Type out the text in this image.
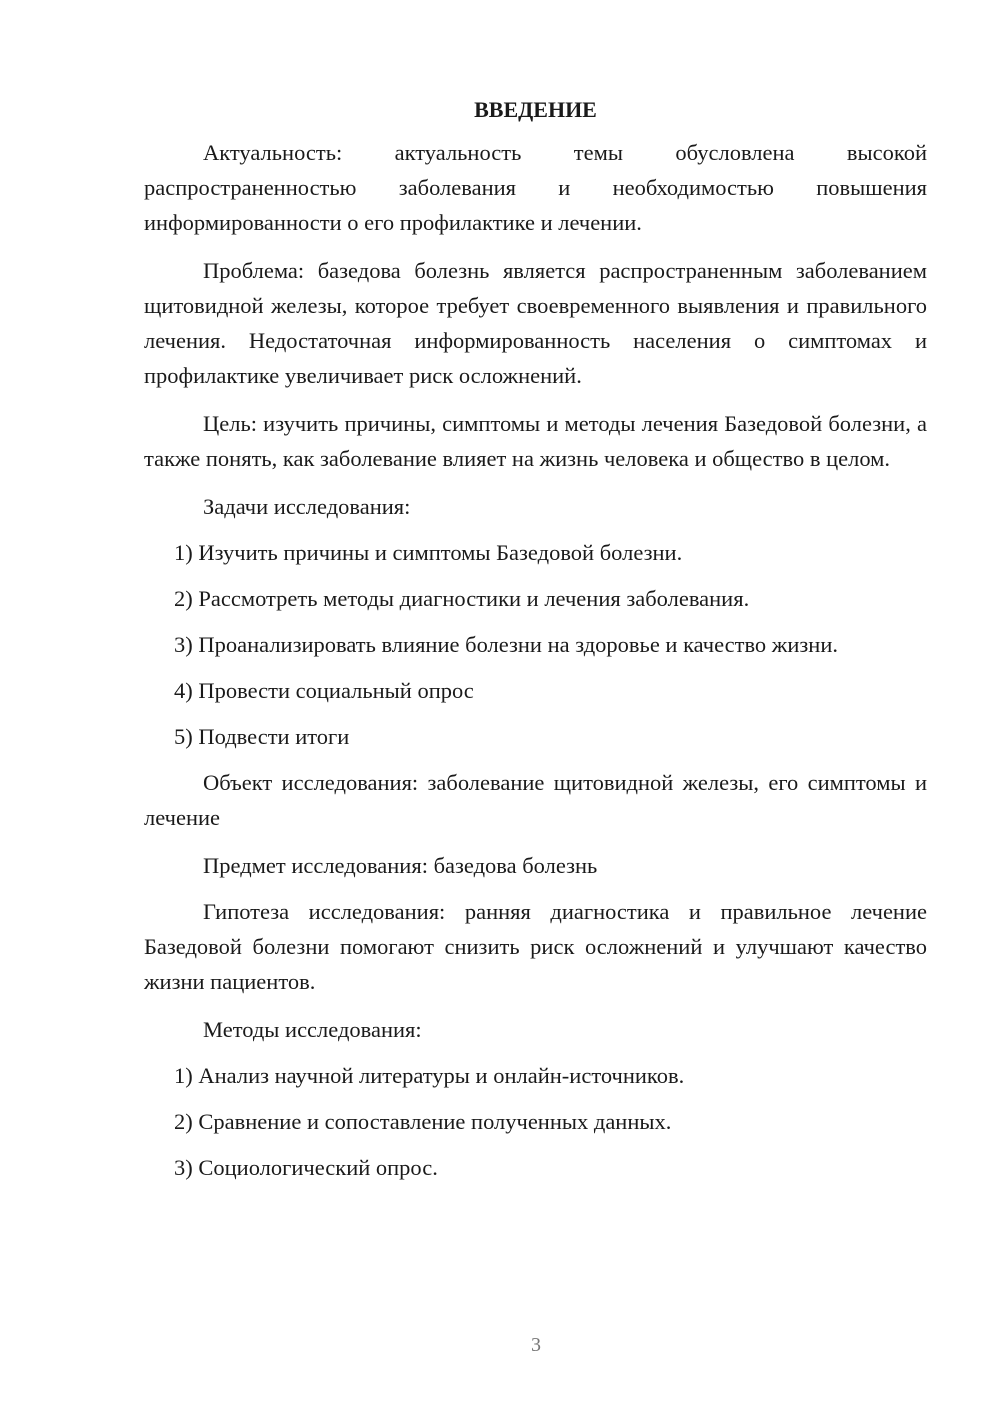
ВВЕДЕНИЕ

Актуальность: актуальность темы обусловлена высокой распространенностью заболевания и необходимостью повышения информированности о его профилактике и лечении.

Проблема: базедова болезнь является распространенным заболеванием щитовидной железы, которое требует своевременного выявления и правильного лечения. Недостаточная информированность населения о симптомах и профилактике увеличивает риск осложнений.

Цель: изучить причины, симптомы и методы лечения Базедовой болезни, а также понять, как заболевание влияет на жизнь человека и общество в целом.

Задачи исследования:

1) Изучить причины и симптомы Базедовой болезни.
2) Рассмотреть методы диагностики и лечения заболевания.
3) Проанализировать влияние болезни на здоровье и качество жизни.
4) Провести социальный опрос
5) Подвести итоги

Объект исследования: заболевание щитовидной железы, его симптомы и лечение

Предмет исследования: базедова болезнь

Гипотеза исследования: ранняя диагностика и правильное лечение Базедовой болезни помогают снизить риск осложнений и улучшают качество жизни пациентов.

Методы исследования:

1) Анализ научной литературы и онлайн-источников.
2) Сравнение и сопоставление полученных данных.
3) Социологический опрос.
3
